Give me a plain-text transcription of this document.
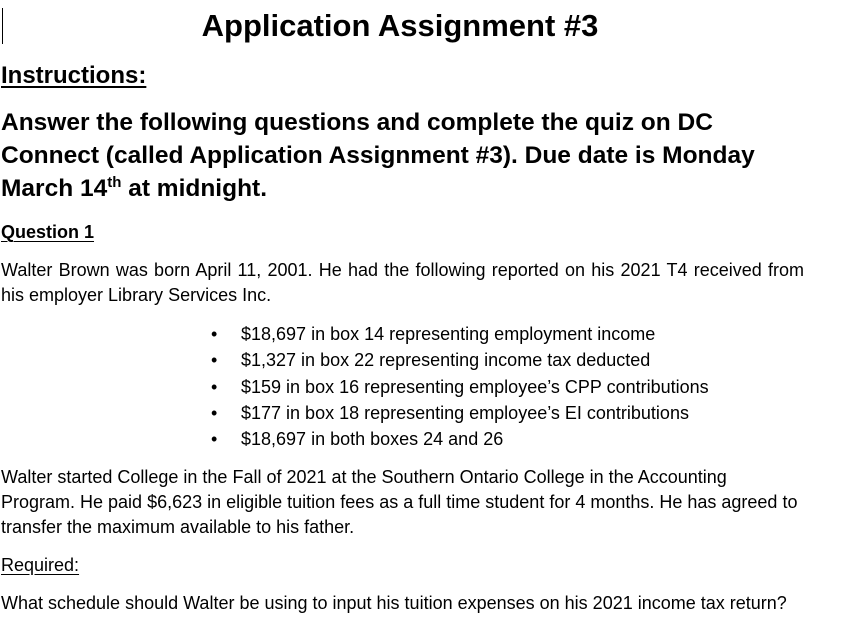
Application Assignment #3
Instructions:
Answer the following questions and complete the quiz on DC Connect (called Application Assignment #3). Due date is Monday March 14th at midnight.
Question 1
Walter Brown was born April 11, 2001. He had the following reported on his 2021 T4 received from his employer Library Services Inc.
• $18,697 in box 14 representing employment income
• $1,327 in box 22 representing income tax deducted
• $159 in box 16 representing employee’s CPP contributions
• $177 in box 18 representing employee’s EI contributions
• $18,697 in both boxes 24 and 26
Walter started College in the Fall of 2021 at the Southern Ontario College in the Accounting Program. He paid $6,623 in eligible tuition fees as a full time student for 4 months. He has agreed to transfer the maximum available to his father.
Required:
What schedule should Walter be using to input his tuition expenses on his 2021 income tax return?
